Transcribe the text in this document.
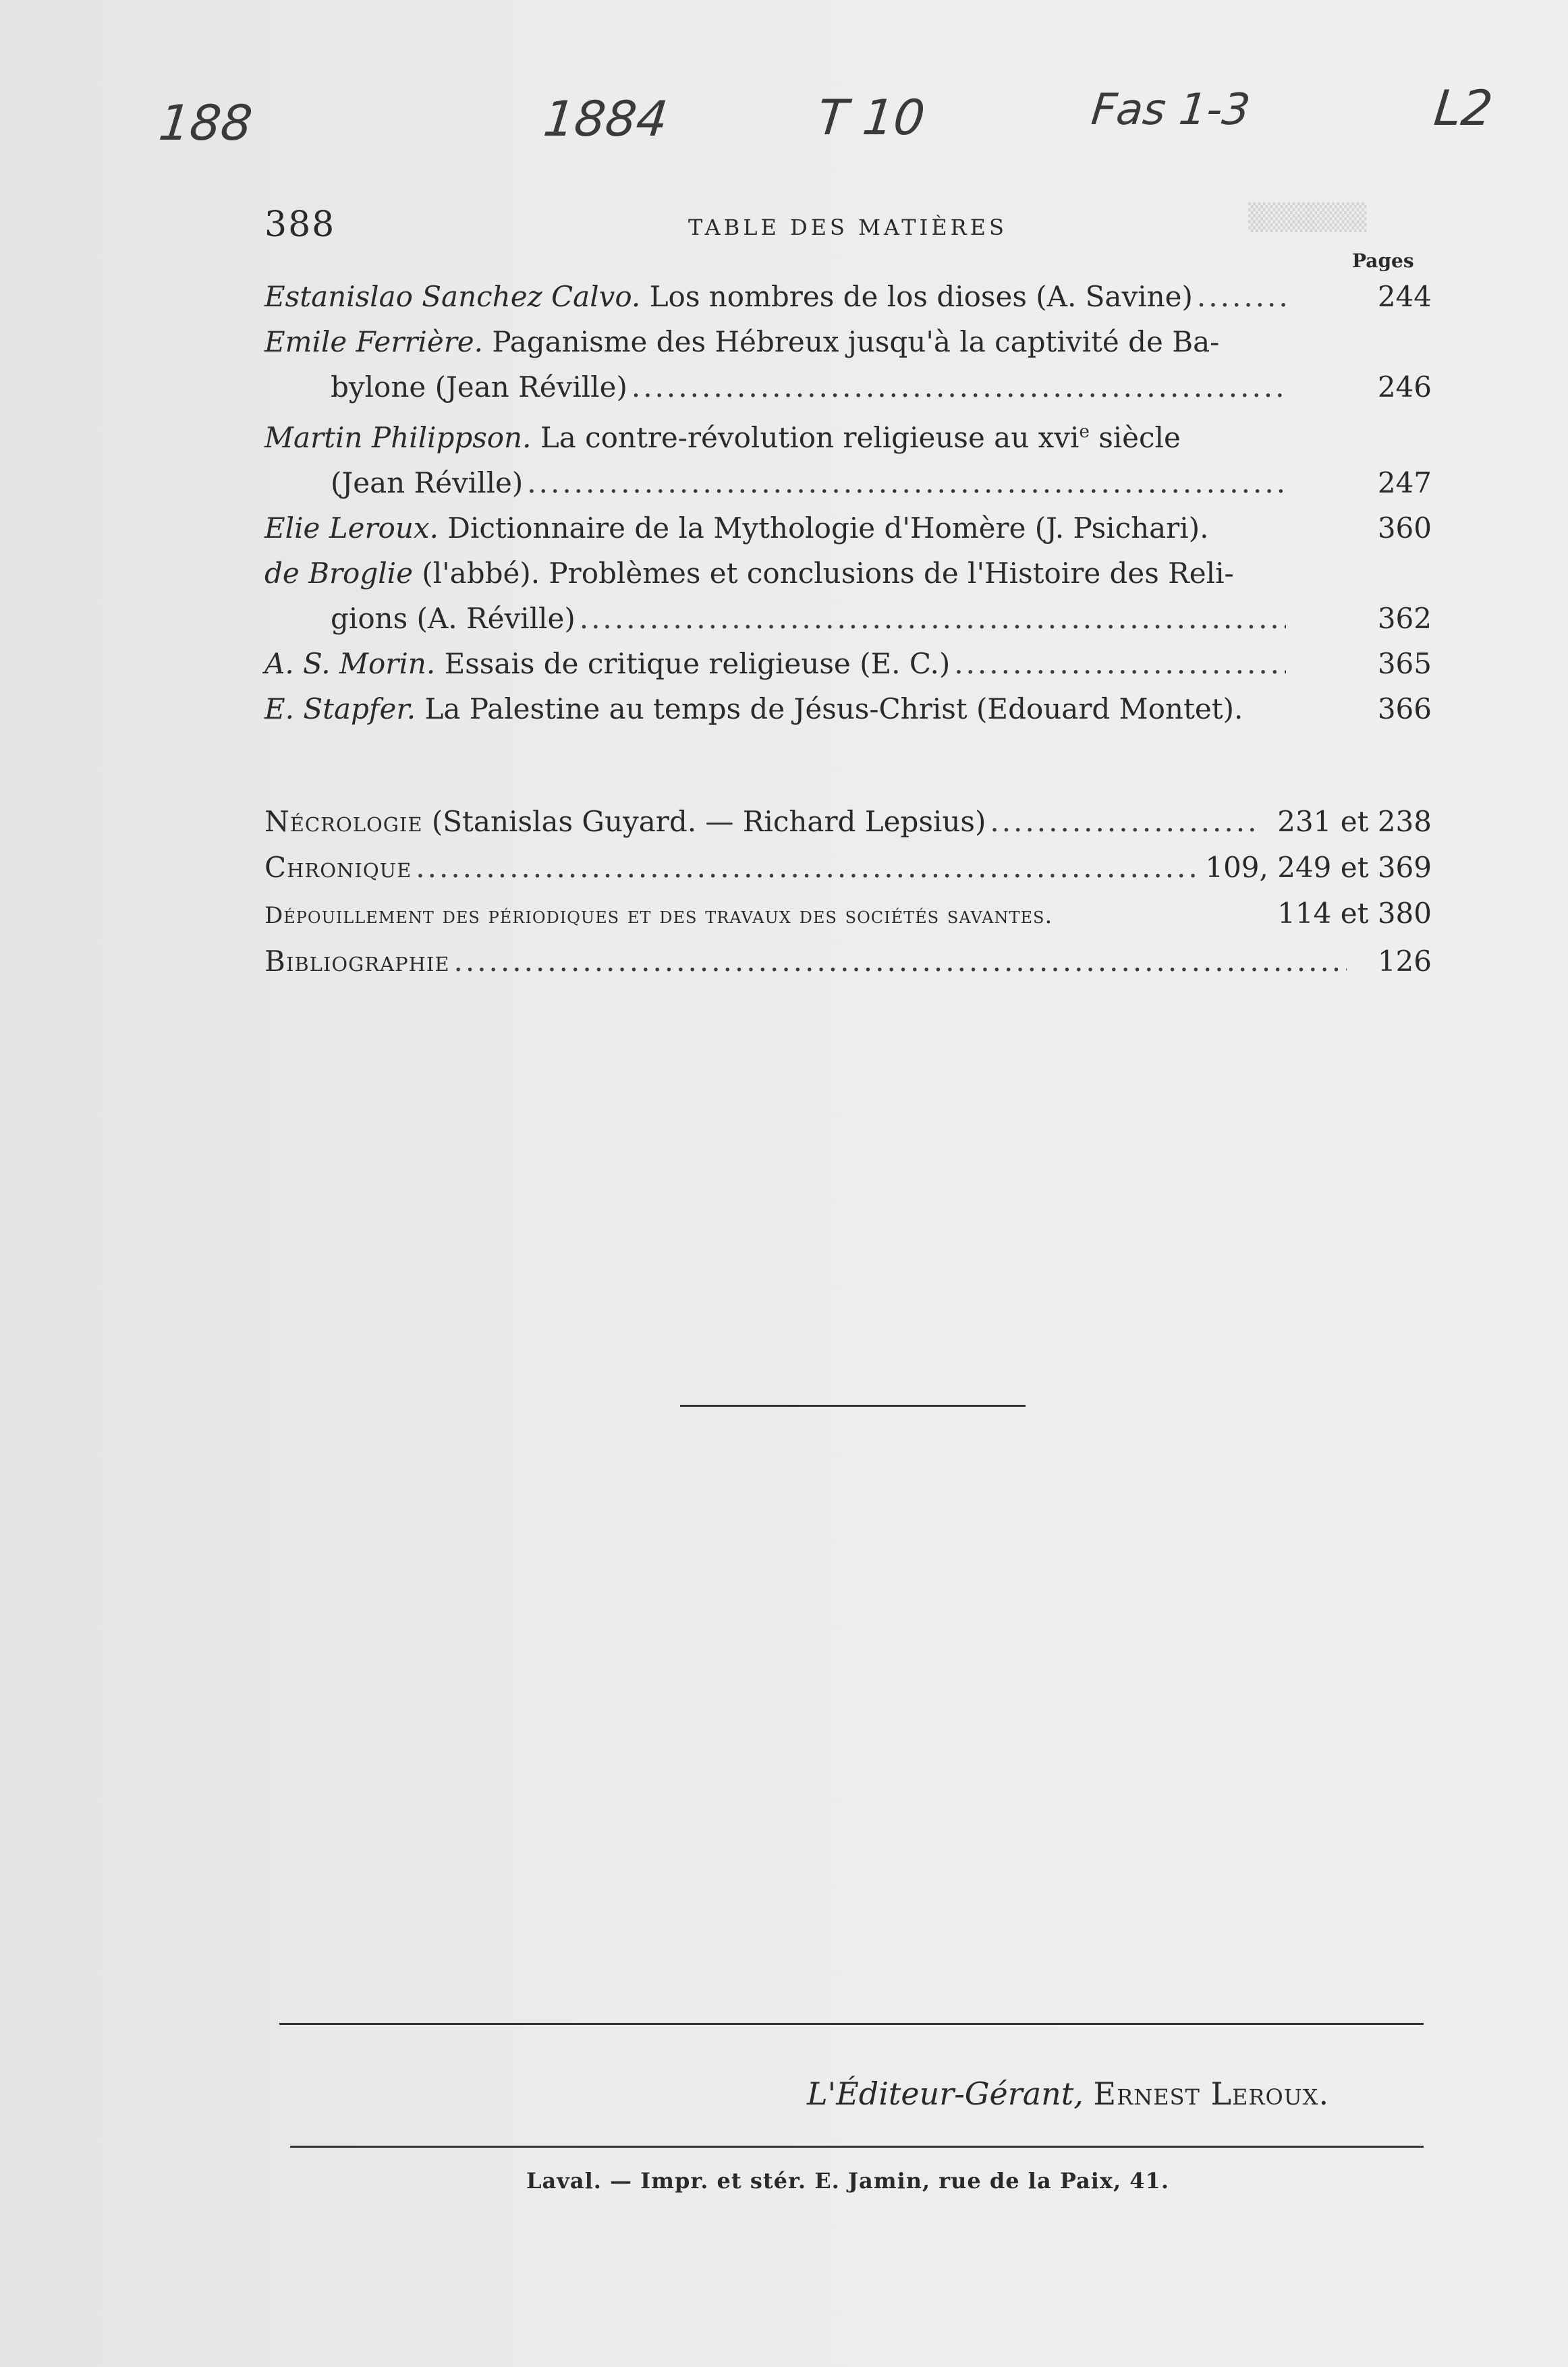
▒▒▒▒▒▒
188	1884	T 10	Fas 1-3	L2
388	TABLE DES MATIÈRES
Pages
Estanislao Sanchez Calvo. Los nombres de los dioses (A. Savine) .....	244
Emile Ferrière. Paganisme des Hébreux jusqu'à la captivité de Ba-
bylone (Jean Réville) .....	246
Martin Philippson. La contre-révolution religieuse au xvi$^e$ siècle
(Jean Réville) .....	247
Elie Leroux. Dictionnaire de la Mythologie d'Homère (J. Psichari).	360
de Broglie (l'abbé). Problèmes et conclusions de l'Histoire des Reli-
gions (A. Réville) .....	362
A. S. Morin. Essais de critique religieuse (E. C.) .....	365
E. Stapfer. La Palestine au temps de Jésus-Christ (Edouard Montet).	366
Nécrologie (Stanislas Guyard. — Richard Lepsius) .....	231 et 238
Chronique .....	109, 249 et 369
Dépouillement des périodiques et des travaux des sociétés savantes.	114 et 380
Bibliographie .....	126
L'Éditeur-Gérant, Ernest Leroux.
Laval. — Impr. et stér. E. Jamin, rue de la Paix, 41.
